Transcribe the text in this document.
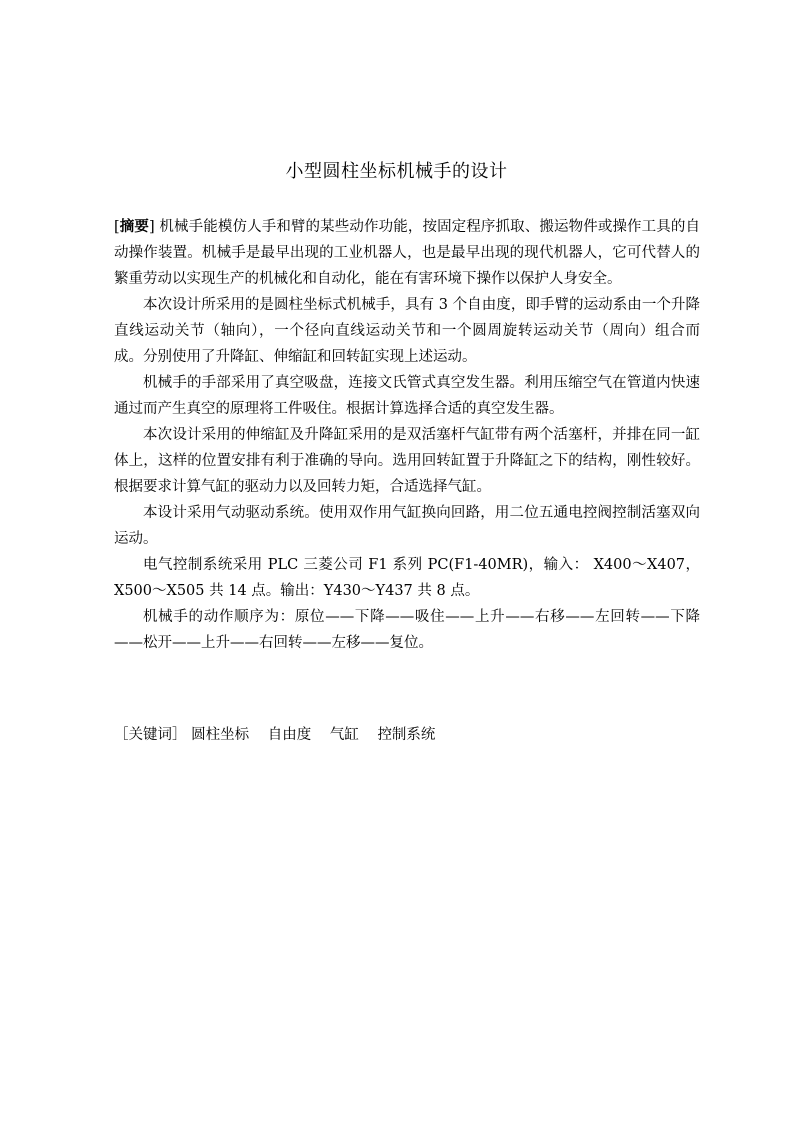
小型圆柱坐标机械手的设计

[摘要] 机械手能模仿人手和臂的某些动作功能，按固定程序抓取、搬运物件或操作工具的自动操作装置。机械手是最早出现的工业机器人，也是最早出现的现代机器人，它可代替人的繁重劳动以实现生产的机械化和自动化，能在有害环境下操作以保护人身安全。

本次设计所采用的是圆柱坐标式机械手，具有 3 个自由度，即手臂的运动系由一个升降直线运动关节（轴向），一个径向直线运动关节和一个圆周旋转运动关节（周向）组合而成。分别使用了升降缸、伸缩缸和回转缸实现上述运动。

机械手的手部采用了真空吸盘，连接文氏管式真空发生器。利用压缩空气在管道内快速通过而产生真空的原理将工件吸住。根据计算选择合适的真空发生器。

本次设计采用的伸缩缸及升降缸采用的是双活塞杆气缸带有两个活塞杆，并排在同一缸体上，这样的位置安排有利于准确的导向。选用回转缸置于升降缸之下的结构，刚性较好。根据要求计算气缸的驱动力以及回转力矩，合适选择气缸。

本设计采用气动驱动系统。使用双作用气缸换向回路，用二位五通电控阀控制活塞双向运动。

电气控制系统采用 PLC 三菱公司 F1 系列 PC(F1-40MR)，输入： X400～X407，X500～X505 共 14 点。输出：Y430～Y437 共 8 点。

机械手的动作顺序为：原位——下降——吸住——上升——右移——左回转——下降——松开——上升——右回转——左移——复位。

［关键词］ 圆柱坐标 自由度 气缸 控制系统
